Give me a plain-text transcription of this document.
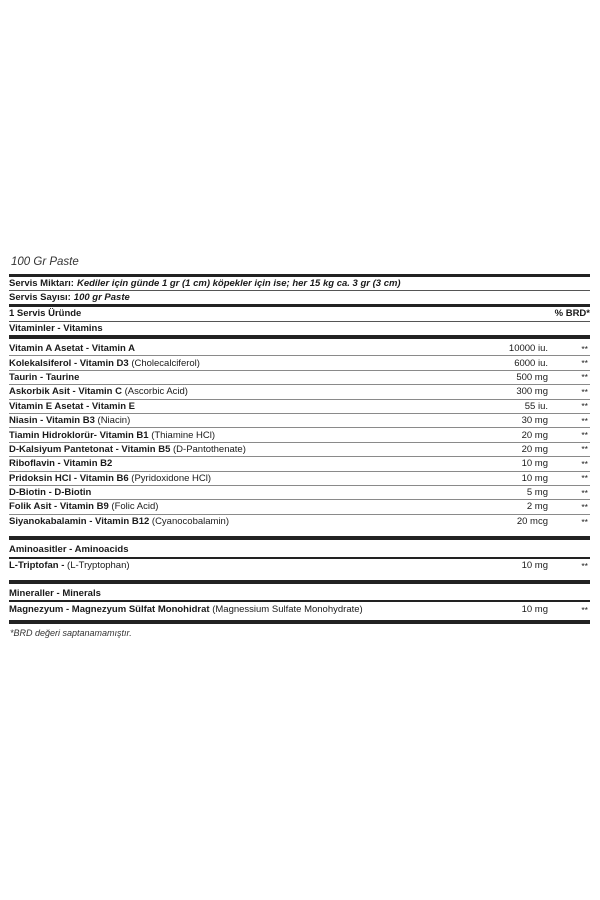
100 Gr Paste
Servis Miktarı: Kediler için günde 1 gr (1 cm) köpekler için ise; her 15 kg ca. 3 gr (3 cm)
Servis Sayısı: 100 gr Paste
1 Servis Üründe	% BRD*
Vitaminler - Vitamins
Vitamin A Asetat - Vitamin A	10000 iu.	**
Kolekalsiferol - Vitamin D3 (Cholecalciferol)	6000 iu.	**
Taurin - Taurine	500 mg	**
Askorbik Asit - Vitamin C (Ascorbic Acid)	300 mg	**
Vitamin E Asetat - Vitamin E	55 iu.	**
Niasin - Vitamin B3 (Niacin)	30 mg	**
Tiamin Hidroklorür- Vitamin B1 (Thiamine HCl)	20 mg	**
D-Kalsiyum Pantetonat - Vitamin B5 (D-Pantothenate)	20 mg	**
Riboflavin - Vitamin B2	10 mg	**
Pridoksin HCl - Vitamin B6 (Pyridoxidone HCl)	10 mg	**
D-Biotin - D-Biotin	5 mg	**
Folik Asit - Vitamin B9 (Folic Acid)	2 mg	**
Siyanokabalamin - Vitamin B12 (Cyanocobalamin)	20 mcg	**
Aminoasitler - Aminoacids
L-Triptofan - (L-Tryptophan)	10 mg	**
Mineraller - Minerals
Magnezyum - Magnezyum Sülfat Monohidrat (Magnessium Sulfate Monohydrate)	10 mg	**
*BRD değeri saptanamamıştır.
